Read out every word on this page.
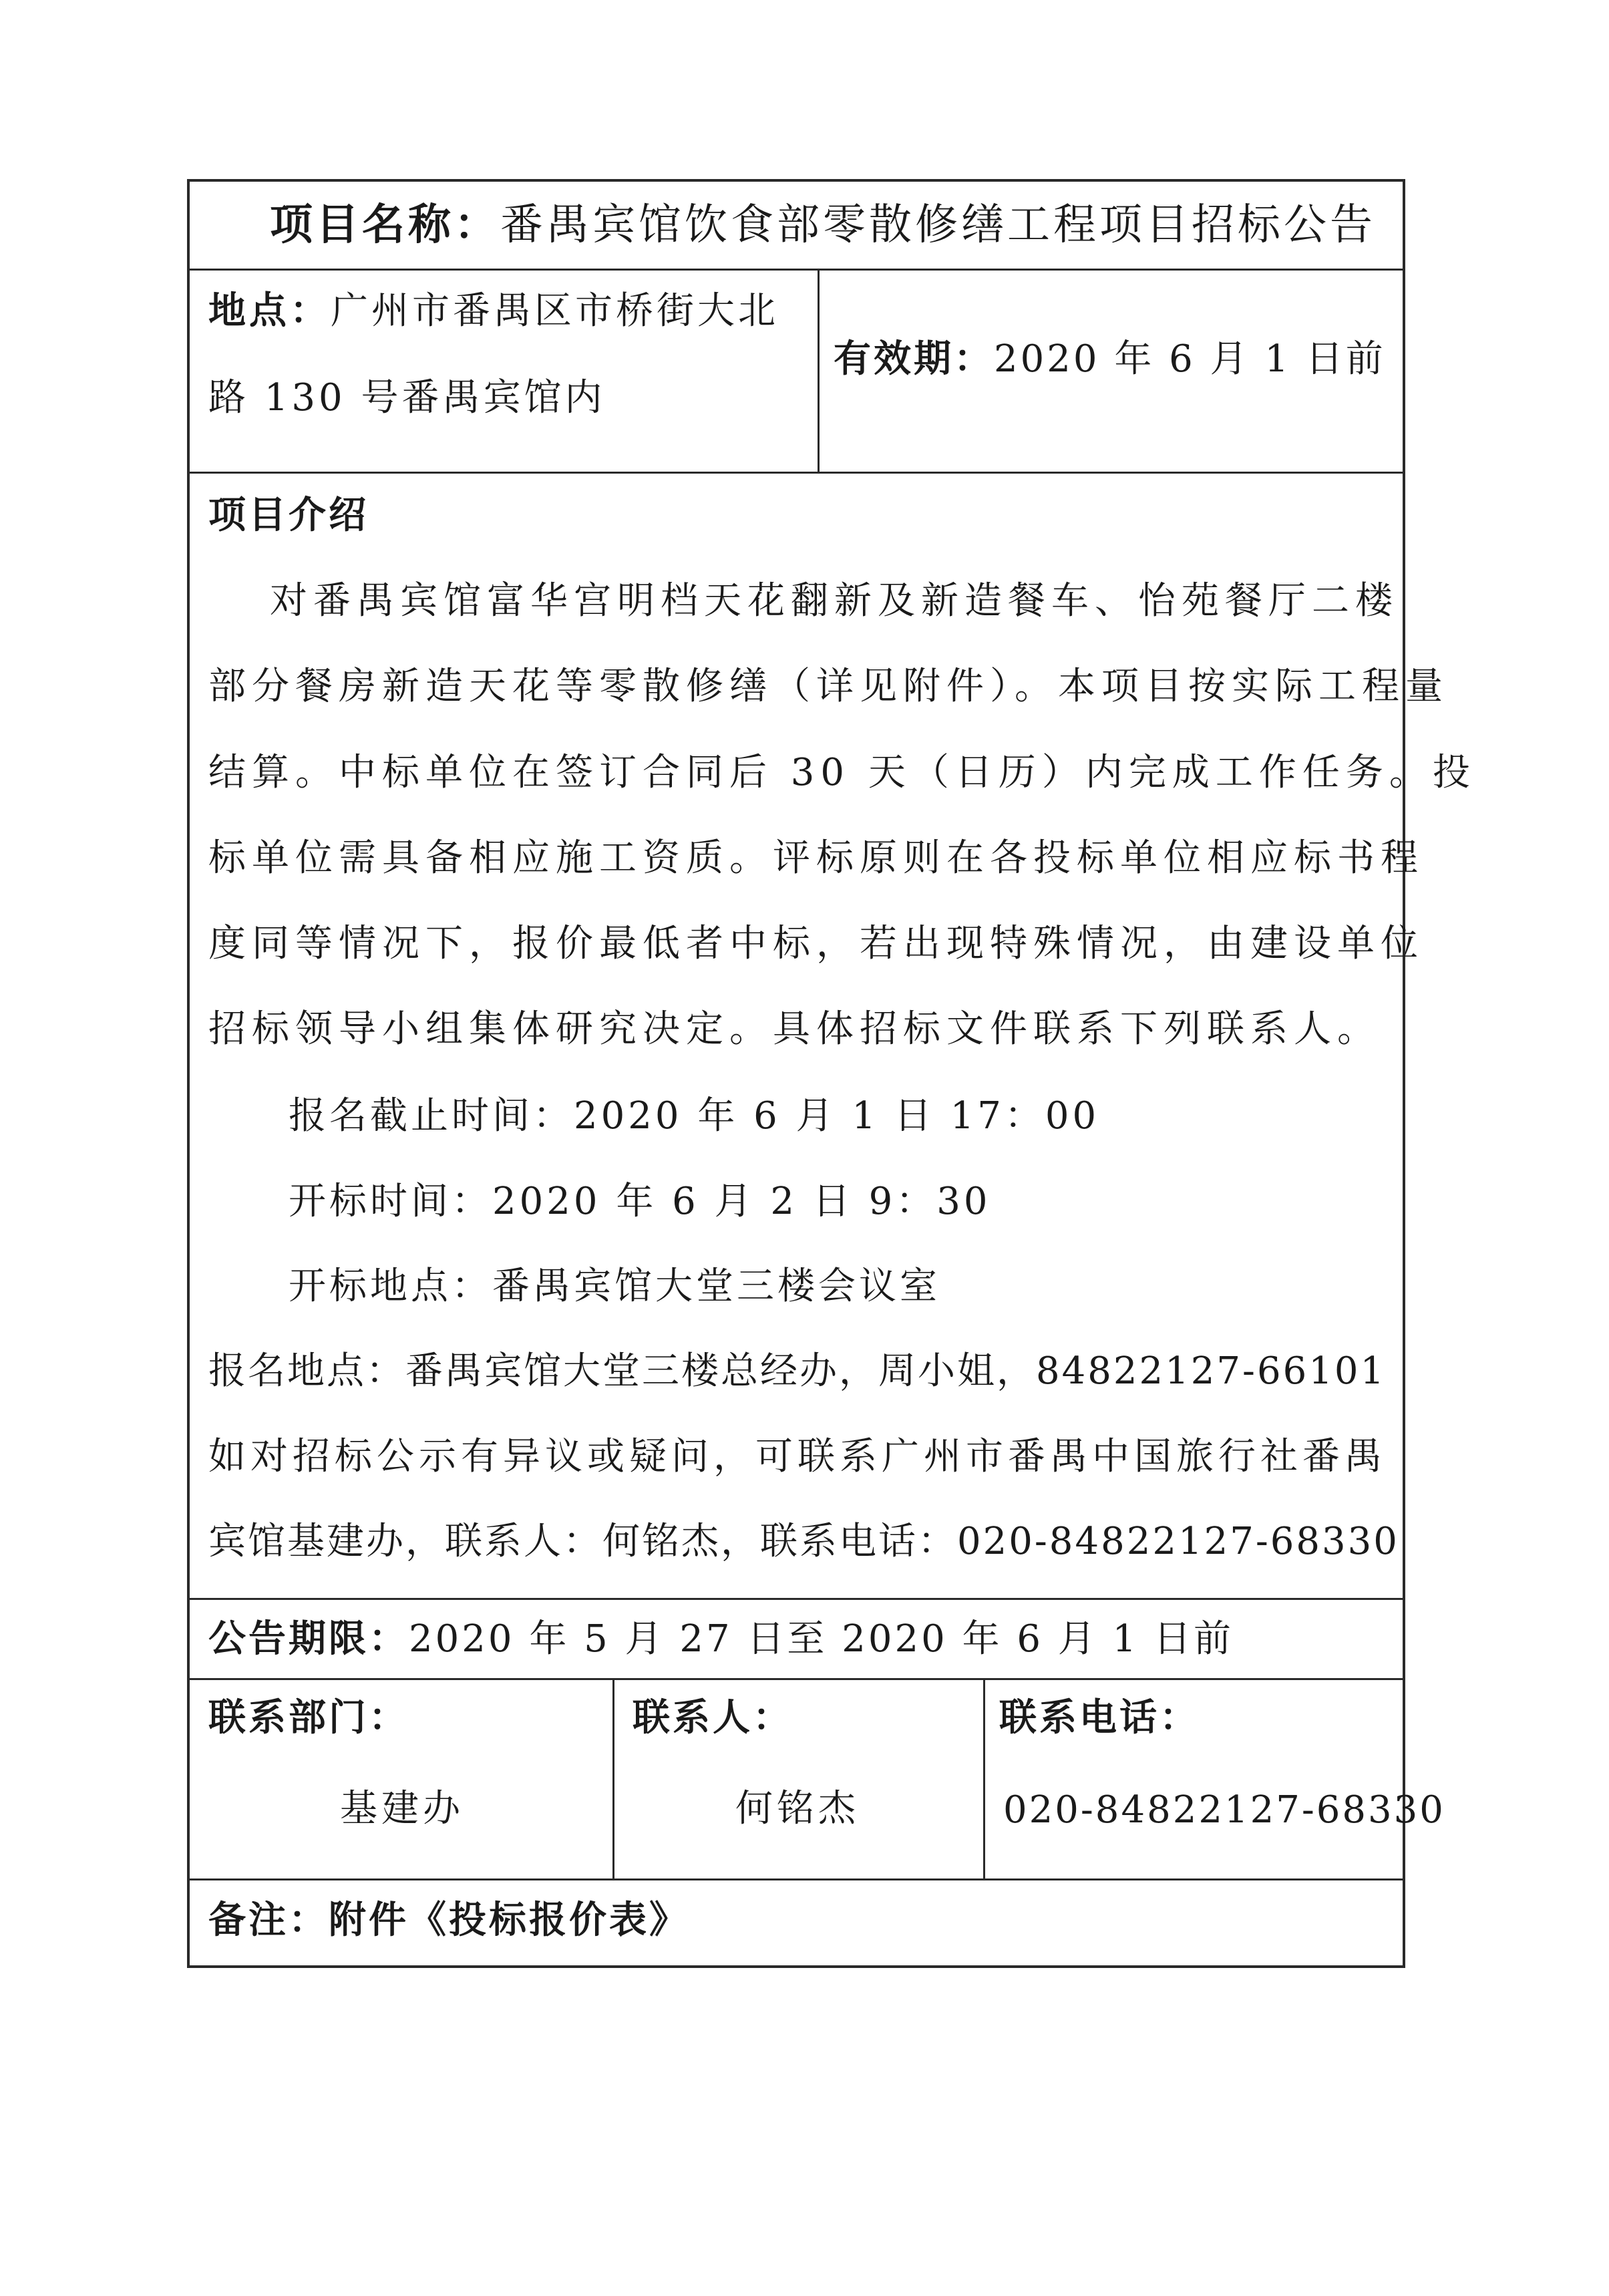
项目名称：番禺宾馆饮食部零散修缮工程项目招标公告
地点：广州市番禺区市桥街大北
路 130 号番禺宾馆内
有效期：2020 年 6 月 1 日前
项目介绍
对番禺宾馆富华宫明档天花翻新及新造餐车、怡苑餐厅二楼
部分餐房新造天花等零散修缮（详见附件）。本项目按实际工程量
结算。中标单位在签订合同后 30 天（日历）内完成工作任务。投
标单位需具备相应施工资质。评标原则在各投标单位相应标书程
度同等情况下，报价最低者中标，若出现特殊情况，由建设单位
招标领导小组集体研究决定。具体招标文件联系下列联系人。
报名截止时间：2020 年 6 月 1 日 17：00
开标时间：2020 年 6 月 2 日 9：30
开标地点：番禺宾馆大堂三楼会议室
报名地点：番禺宾馆大堂三楼总经办，周小姐，84822127-66101
如对招标公示有异议或疑问，可联系广州市番禺中国旅行社番禺
宾馆基建办，联系人：何铭杰，联系电话：020-84822127-68330
公告期限：2020 年 5 月 27 日至 2020 年 6 月 1 日前
联系部门：
基建办
联系人：
何铭杰
联系电话：
020-84822127-68330
备注：附件《投标报价表》
